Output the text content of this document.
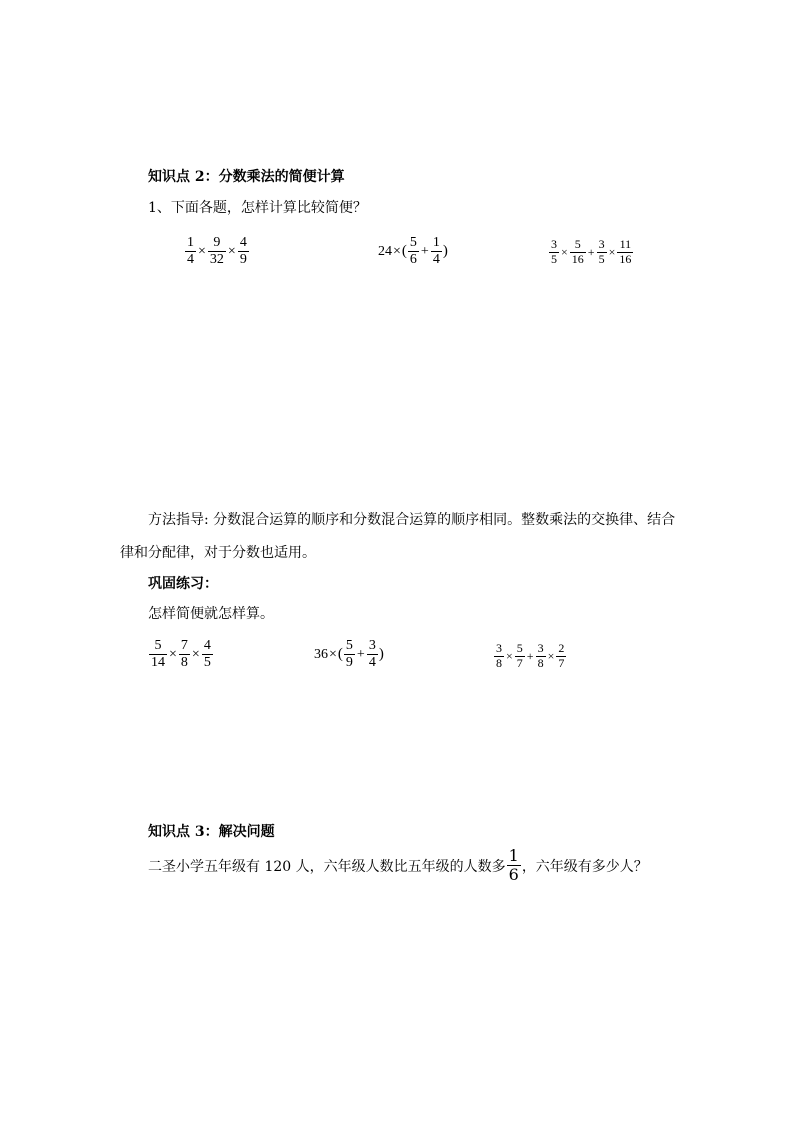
知识点 2：分数乘法的简便计算
1、下面各题，怎样计算比较简便？
$\frac{1}{4} \times \frac{9}{32} \times \frac{4}{9}$	24 × ( $\frac{5}{6} + \frac{1}{4}$ )	$\frac{3}{5} \times \frac{5}{16} + \frac{3}{5} \times \frac{11}{16}$
方法指导: 分数混合运算的顺序和分数混合运算的顺序相同。整数乘法的交换律、结合
律和分配律，对于分数也适用。
巩固练习：
怎样简便就怎样算。
$\frac{5}{14} \times \frac{7}{8} \times \frac{4}{5}$	36 × ( $\frac{5}{9} + \frac{3}{4}$ )	$\frac{3}{8} \times \frac{5}{7} + \frac{3}{8} \times \frac{2}{7}$
知识点 3：解决问题
二圣小学五年级有 120 人，六年级人数比五年级的人数多 $\frac{1}{6}$ ，六年级有多少人？
